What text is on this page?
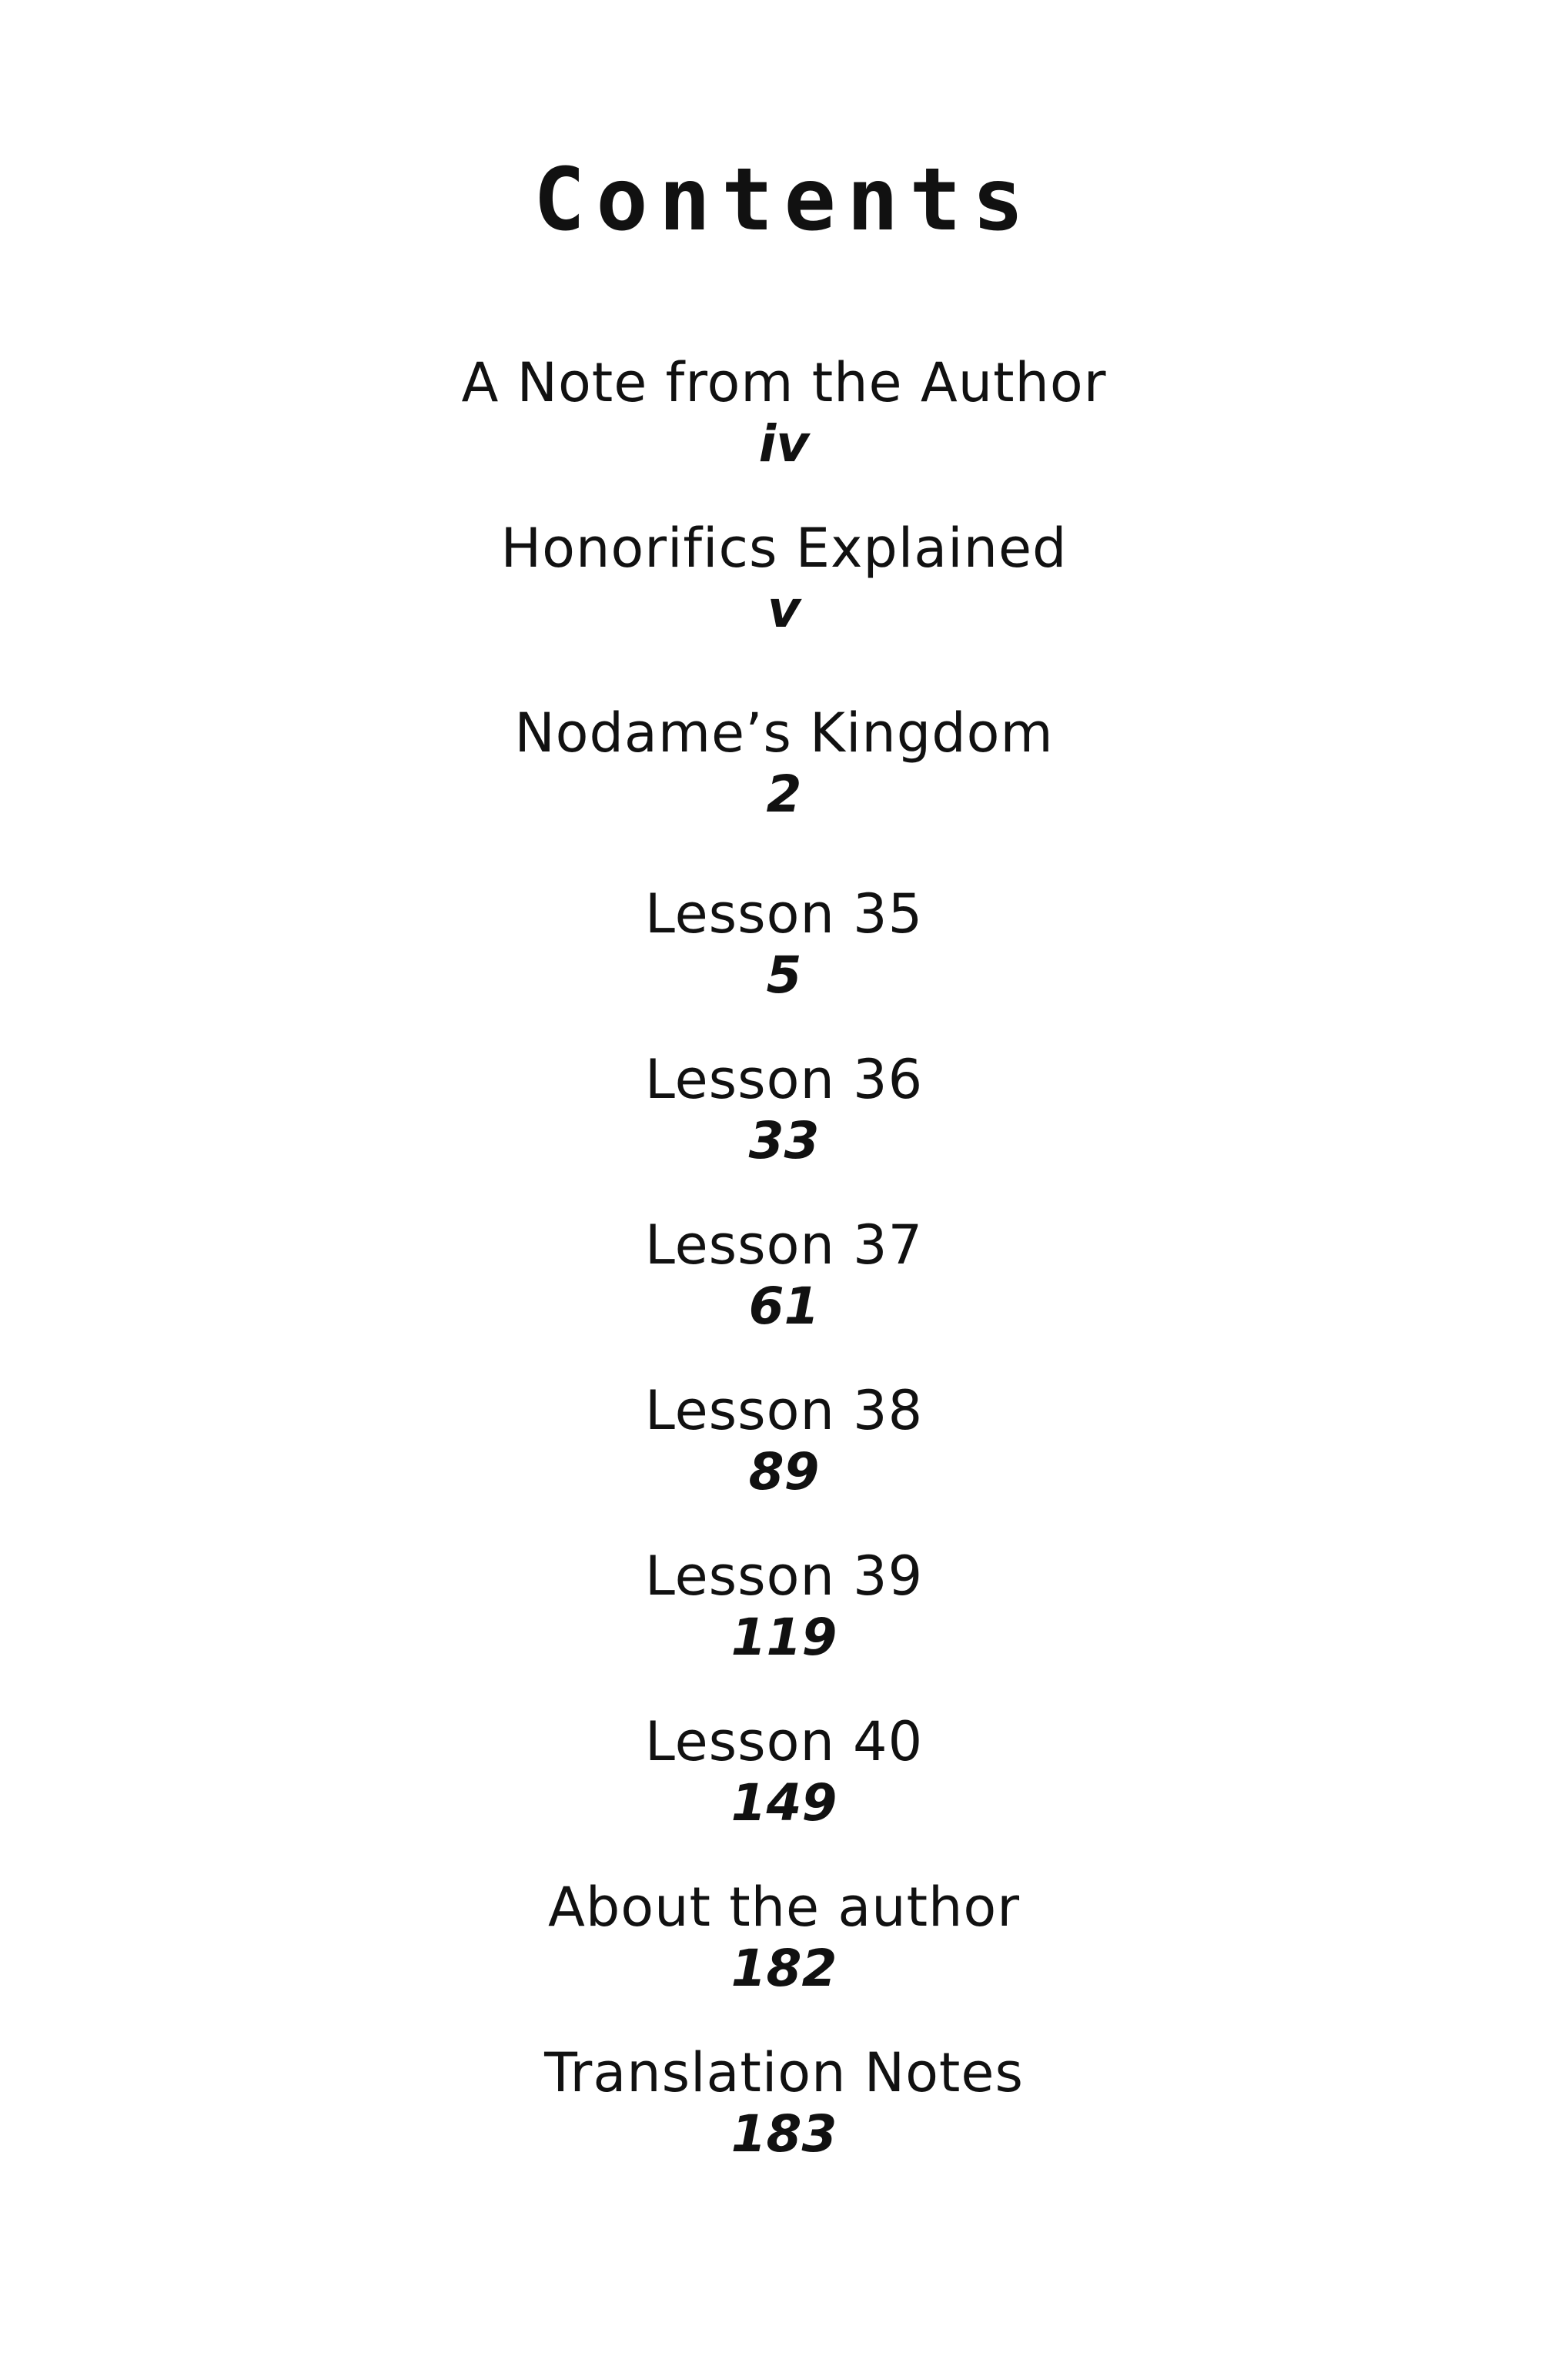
Contents
A Note from the Author
iv
Honorifics Explained
v
Nodame’s Kingdom
2
Lesson 35
5
Lesson 36
33
Lesson 37
61
Lesson 38
89
Lesson 39
119
Lesson 40
149
About the author
182
Translation Notes
183
